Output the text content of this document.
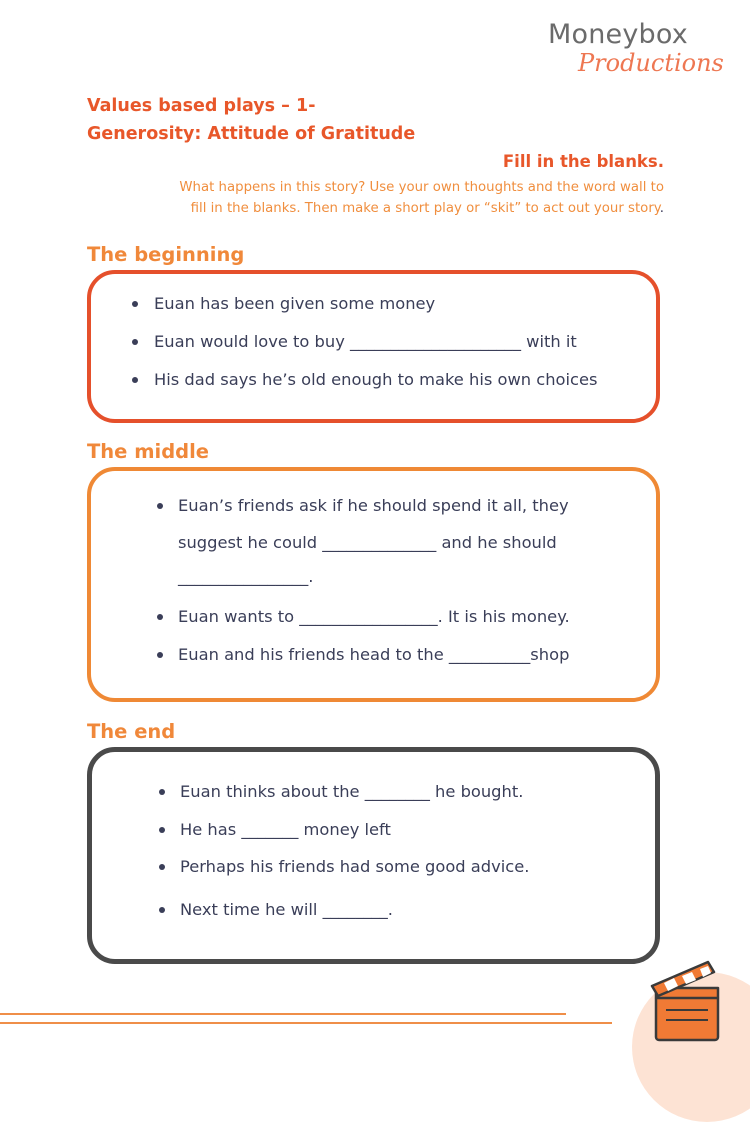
Moneybox
Productions
Values based plays – 1-
Generosity: Attitude of Gratitude
Fill in the blanks.
What happens in this story? Use your own thoughts and the word wall to
fill in the blanks. Then make a short play or “skit” to act out your story.
The beginning
Euan has been given some money
Euan would love to buy _____________________ with it
His dad says he’s old enough to make his own choices
The middle
Euan’s friends ask if he should spend it all, they
suggest he could ______________ and he should
________________.
Euan wants to _________________. It is his money.
Euan and his friends head to the __________shop
The end
Euan thinks about the ________ he bought.
He has _______ money left
Perhaps his friends had some good advice.
Next time he will ________.
